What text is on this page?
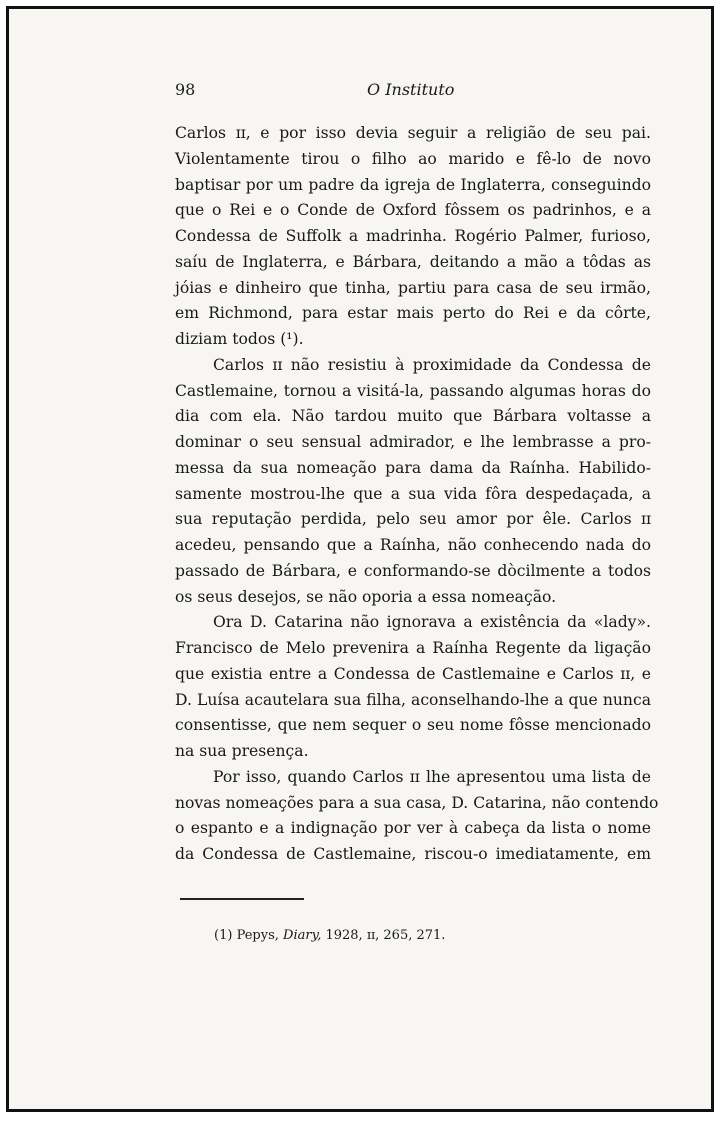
98	O Instituto
Carlos ɪɪ, e por isso devia seguir a religião de seu pai.
Violentamente tirou o filho ao marido e fê-lo de novo
baptisar por um padre da igreja de Inglaterra, conseguindo
que o Rei e o Conde de Oxford fôssem os padrinhos, e a
Condessa de Suffolk a madrinha. Rogério Palmer, furioso,
saíu de Inglaterra, e Bárbara, deitando a mão a tôdas as
jóias e dinheiro que tinha, partiu para casa de seu irmão,
em Richmond, para estar mais perto do Rei e da côrte,
diziam todos (¹).
Carlos ɪɪ não resistiu à proximidade da Condessa de
Castlemaine, tornou a visitá-la, passando algumas horas do
dia com ela. Não tardou muito que Bárbara voltasse a
dominar o seu sensual admirador, e lhe lembrasse a pro-
messa da sua nomeação para dama da Raínha. Habilido-
samente mostrou-lhe que a sua vida fôra despedaçada, a
sua reputação perdida, pelo seu amor por êle. Carlos ɪɪ
acedeu, pensando que a Raínha, não conhecendo nada do
passado de Bárbara, e conformando-se dòcilmente a todos
os seus desejos, se não oporia a essa nomeação.
Ora D. Catarina não ignorava a existência da «lady».
Francisco de Melo prevenira a Raínha Regente da ligação
que existia entre a Condessa de Castlemaine e Carlos ɪɪ, e
D. Luísa acautelara sua filha, aconselhando-lhe a que nunca
consentisse, que nem sequer o seu nome fôsse mencionado
na sua presença.
Por isso, quando Carlos ɪɪ lhe apresentou uma lista de
novas nomeações para a sua casa, D. Catarina, não contendo
o espanto e a indignação por ver à cabeça da lista o nome
da Condessa de Castlemaine, riscou-o imediatamente, em
(1) Pepys, Diary, 1928, ɪɪ, 265, 271.
